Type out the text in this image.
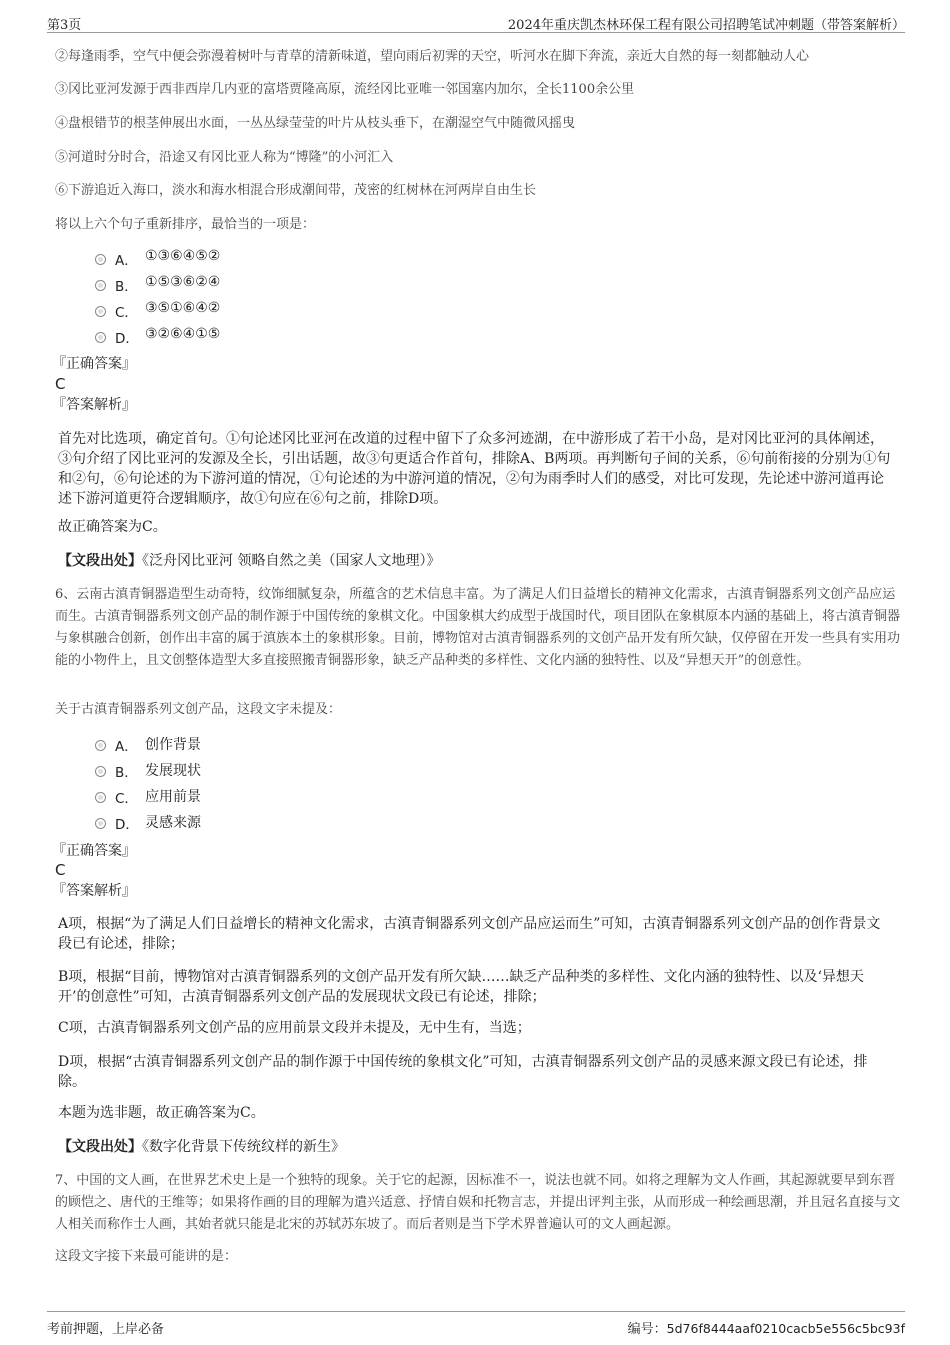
第3页	2024年重庆凯杰林环保工程有限公司招聘笔试冲刺题（带答案解析）

②每逢雨季，空气中便会弥漫着树叶与青草的清新味道，望向雨后初霁的天空，听河水在脚下奔流，亲近大自然的每一刻都触动人心

③冈比亚河发源于西非西岸几内亚的富塔贾隆高原，流经冈比亚唯一邻国塞内加尔，全长1100余公里

④盘根错节的根茎伸展出水面，一丛丛绿莹莹的叶片从枝头垂下，在潮湿空气中随微风摇曳

⑤河道时分时合，沿途又有冈比亚人称为“博隆”的小河汇入

⑥下游追近入海口，淡水和海水相混合形成潮间带，茂密的红树林在河两岸自由生长

将以上六个句子重新排序，最恰当的一项是：

A． ①③⑥④⑤②
B． ①⑤③⑥②④
C． ③⑤①⑥④②
D． ③②⑥④①⑤

『正确答案』

C

『答案解析』

首先对比选项，确定首句。①句论述冈比亚河在改道的过程中留下了众多河迹湖，在中游形成了若干小岛，是对冈比亚河的具体阐述，③句介绍了冈比亚河的发源及全长，引出话题，故③句更适合作首句，排除A、B两项。再判断句子间的关系，⑥句前衔接的分别为①句和②句，⑥句论述的为下游河道的情况，①句论述的为中游河道的情况，②句为雨季时人们的感受，对比可发现，先论述中游河道再论述下游河道更符合逻辑顺序，故①句应在⑥句之前，排除D项。

故正确答案为C。

【文段出处】《泛舟冈比亚河 领略自然之美（国家人文地理）》

6、云南古滇青铜器造型生动奇特，纹饰细腻复杂，所蕴含的艺术信息丰富。为了满足人们日益增长的精神文化需求，古滇青铜器系列文创产品应运而生。古滇青铜器系列文创产品的制作源于中国传统的象棋文化。中国象棋大约成型于战国时代，项目团队在象棋原本内涵的基础上，将古滇青铜器与象棋融合创新，创作出丰富的属于滇族本土的象棋形象。目前，博物馆对古滇青铜器系列的文创产品开发有所欠缺，仅停留在开发一些具有实用功能的小物件上，且文创整体造型大多直接照搬青铜器形象，缺乏产品种类的多样性、文化内涵的独特性、以及“异想天开”的创意性。

关于古滇青铜器系列文创产品，这段文字未提及：

A． 创作背景
B． 发展现状
C． 应用前景
D． 灵感来源

『正确答案』

C

『答案解析』

A项，根据“为了满足人们日益增长的精神文化需求，古滇青铜器系列文创产品应运而生”可知，古滇青铜器系列文创产品的创作背景文段已有论述，排除；

B项，根据“目前，博物馆对古滇青铜器系列的文创产品开发有所欠缺……缺乏产品种类的多样性、文化内涵的独特性、以及‘异想天开’的创意性”可知，古滇青铜器系列文创产品的发展现状文段已有论述，排除；

C项，古滇青铜器系列文创产品的应用前景文段并未提及，无中生有，当选；

D项，根据“古滇青铜器系列文创产品的制作源于中国传统的象棋文化”可知，古滇青铜器系列文创产品的灵感来源文段已有论述，排除。

本题为选非题，故正确答案为C。

【文段出处】《数字化背景下传统纹样的新生》

7、中国的文人画，在世界艺术史上是一个独特的现象。关于它的起源，因标准不一，说法也就不同。如将之理解为文人作画，其起源就要早到东晋的顾恺之、唐代的王维等；如果将作画的目的理解为遣兴适意、抒情自娱和托物言志，并提出评判主张，从而形成一种绘画思潮，并且冠名直接与文人相关而称作士人画，其始者就只能是北宋的苏轼苏东坡了。而后者则是当下学术界普遍认可的文人画起源。

这段文字接下来最可能讲的是：

考前押题，上岸必备	编号：5d76f8444aaf0210cacb5e556c5bc93f
